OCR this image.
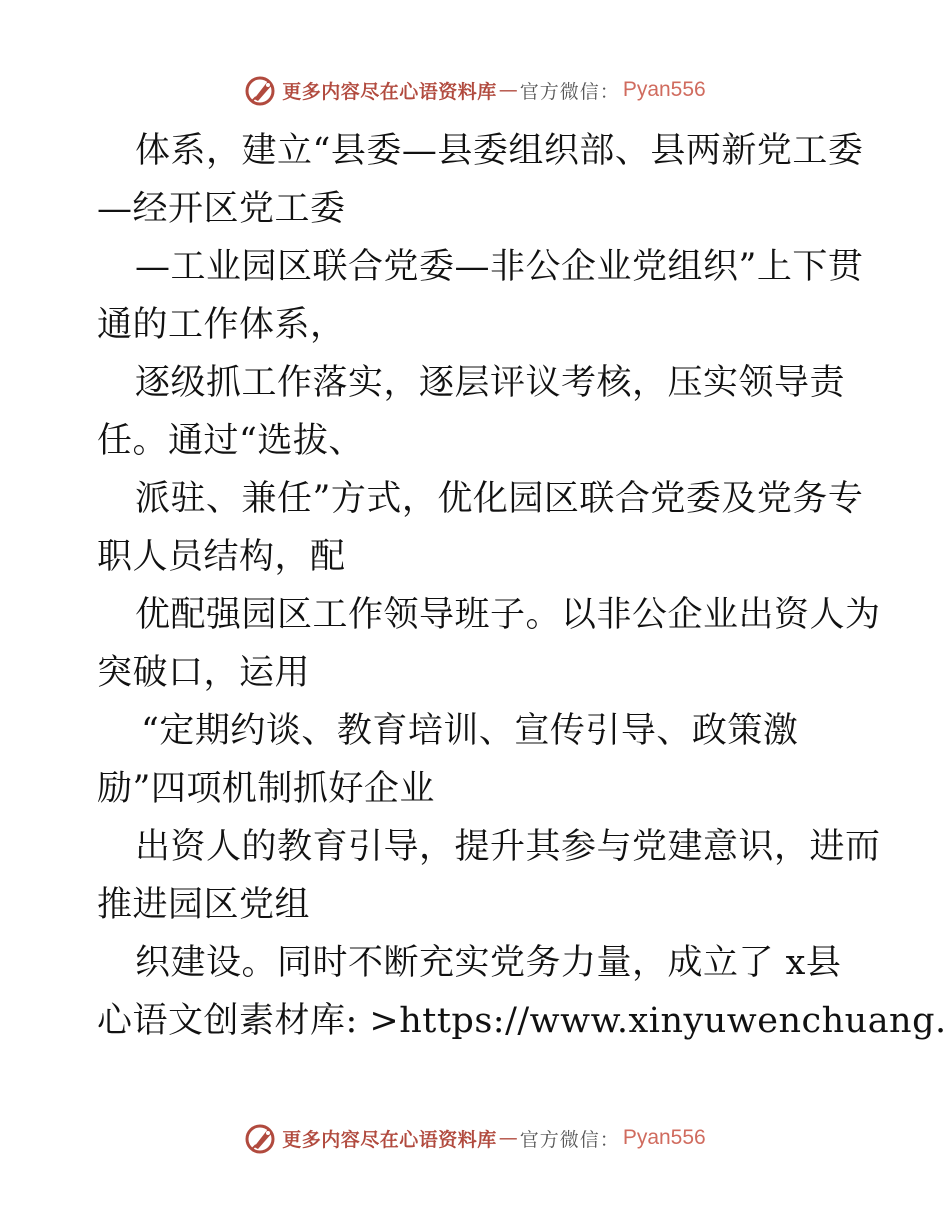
更多内容尽在心语资料库 — 官方微信 ： Pyan556
体系，建立“县委—县委组织部、县两新党工委
—经开区党工委
—工业园区联合党委—非公企业党组织”上下贯
通的工作体系，
逐级抓工作落实，逐层评议考核，压实领导责
任。通过“选拔、
派驻、兼任”方式，优化园区联合党委及党务专
职人员结构，配
优配强园区工作领导班子。以非公企业出资人为
突破口，运用
“定期约谈、教育培训、宣传引导、政策激
励”四项机制抓好企业
出资人的教育引导，提升其参与党建意识，进而
推进园区党组
织建设。同时不断充实党务力量，成立了 x县
心语文创素材库: >https://www.xinyuwenchuang.
更多内容尽在心语资料库 — 官方微信 ： Pyan556
